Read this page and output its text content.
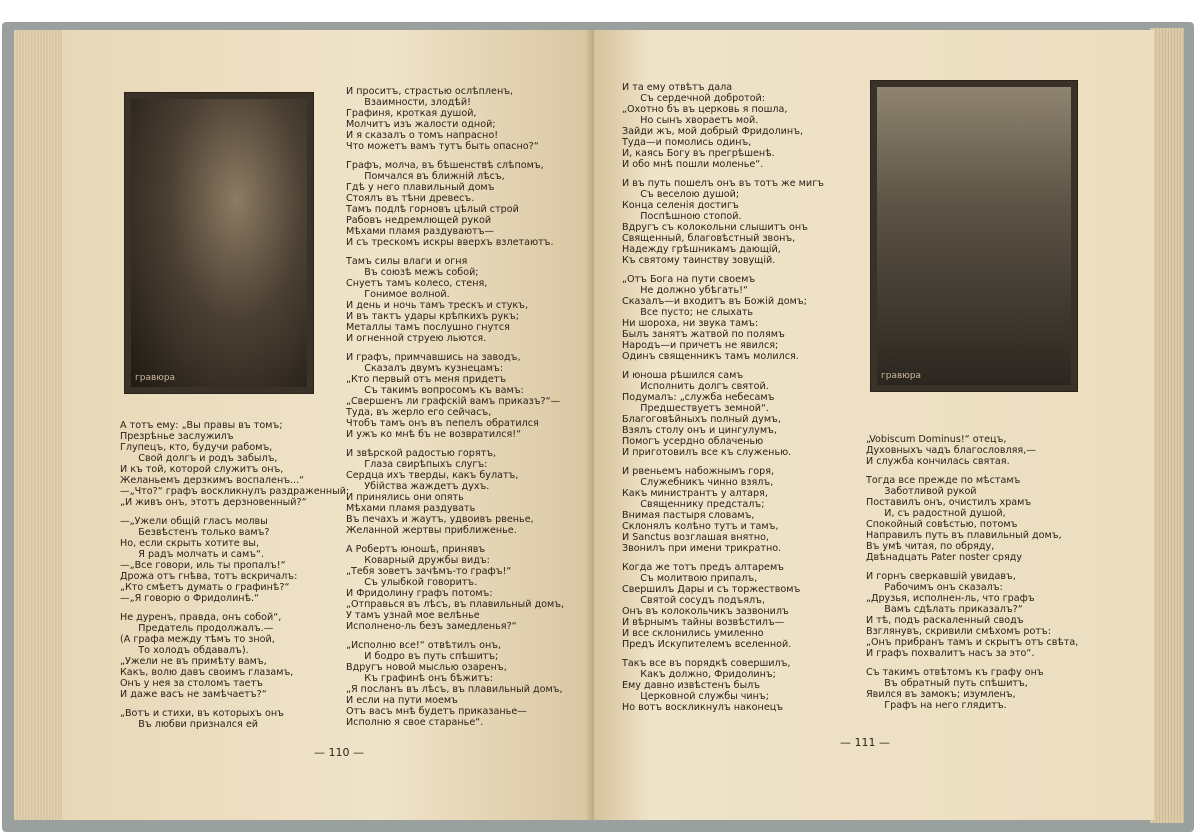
гравюра
А тотъ ему: „Вы правы въ томъ;
Презрѣнье заслужилъ
Глупецъ, кто, будучи рабомъ,
Свой долгъ и родъ забылъ,
И къ той, которой служитъ онъ,
Желаньемъ дерзкимъ воспаленъ...“
—„Что?“ графъ воскликнулъ раздраженный:
„И живъ онъ, этотъ дерзновенный?“
—„Ужели общій гласъ молвы
Безвѣстенъ только вамъ?
Но, если скрыть хотите вы,
Я радъ молчать и самъ“.
—„Все говори, иль ты пропалъ!“
Дрожа отъ гнѣва, тотъ вскричалъ:
„Кто смѣетъ думать о графинѣ?“
—„Я говорю о Фридолинѣ.“
Не дуренъ, правда, онъ собой“,
Предатель продолжалъ.—
(А графа между тѣмъ то зной,
То холодъ обдавалъ).
„Ужели не въ примѣту вамъ,
Какъ, волю давъ своимъ глазамъ,
Онъ у нея за столомъ таетъ
И даже васъ не замѣчаетъ?“
„Вотъ и стихи, въ которыхъ онъ
Въ любви признался ей
И проситъ, страстью ослѣпленъ,
Взаимности, злодѣй!
Графиня, кроткая душой,
Молчитъ изъ жалости одной;
И я сказалъ о томъ напрасно!
Что можетъ вамъ тутъ быть опасно?“
Графъ, молча, въ бѣшенствѣ слѣпомъ,
Помчался въ ближній лѣсъ,
Гдѣ у него плавильный домъ
Стоялъ въ тѣни древесъ.
Тамъ подлѣ горновъ цѣлый строй
Рабовъ недремлющей рукой
Мѣхами пламя раздуваютъ—
И съ трескомъ искры вверхъ взлетаютъ.
Тамъ силы влаги и огня
Въ союзѣ межъ собой;
Снуетъ тамъ колесо, стеня,
Гонимое волной.
И день и ночь тамъ трескъ и стукъ,
И въ тактъ удары крѣпкихъ рукъ;
Металлы тамъ послушно гнутся
И огненной струею льются.
И графъ, примчавшись на заводъ,
Сказалъ двумъ кузнецамъ:
„Кто первый отъ меня придетъ
Съ такимъ вопросомъ къ вамъ:
„Свершенъ ли графскій вамъ приказъ?“—
Туда, въ жерло его сейчасъ,
Чтобъ тамъ онъ въ пепелъ обратился
И ужъ ко мнѣ бъ не возвратился!“
И звѣрской радостью горятъ,
Глаза свирѣпыхъ слугъ:
Сердца ихъ тверды, какъ булатъ,
Убійства жаждетъ духъ.
И принялись они опять
Мѣхами пламя раздувать
Въ печахъ и жаутъ, удвоивъ рвенье,
Желанной жертвы приближенье.
А Робертъ юношѣ, принявъ
Коварный дружбы видъ:
„Тебя зоветъ зачѣмъ-то графъ!“
Съ улыбкой говоритъ.
И Фридолину графъ потомъ:
„Отправься въ лѣсъ, въ плавильный домъ,
У тамъ узнай мое велѣнье
Исполнено-ль безъ замедленья?“
„Исполню все!“ отвѣтилъ онъ,
И бодро въ путь спѣшитъ;
Вдругъ новой мыслью озаренъ,
Къ графинѣ онъ бѣжитъ:
„Я посланъ въ лѣсъ, въ плавильный домъ,
И если на пути моемъ
Отъ васъ мнѣ будетъ приказанье—
Исполню я свое старанье“.
— 110 —
И та ему отвѣтъ дала
Съ сердечной добротой:
„Охотно бъ въ церковь я пошла,
Но сынъ хвораетъ мой.
Зайди жъ, мой добрый Фридолинъ,
Туда—и помолись одинъ,
И, каясь Богу въ прегрѣшенѣ.
И обо мнѣ пошли моленье“.
И въ путь пошелъ онъ въ тотъ же мигъ
Съ веселою душой;
Конца селенія достигъ
Поспѣшною стопой.
Вдругъ съ колокольни слышитъ онъ
Священный, благовѣстный звонъ,
Надежду грѣшникамъ дающій,
Къ святому таинству зовущій.
„Отъ Бога на пути своемъ
Не должно убѣгать!“
Сказалъ—и входитъ въ Божій домъ;
Все пусто; не слыхать
Ни шороха, ни звука тамъ:
Былъ занятъ жатвой по полямъ
Народъ—и причетъ не явился;
Одинъ священникъ тамъ молился.
И юноша рѣшился самъ
Исполнить долгъ святой.
Подумалъ: „служба небесамъ
Предшествуетъ земной“.
Благоговѣйныхъ полный думъ,
Взялъ столу онъ и цингулумъ,
Помогъ усердно облаченью
И приготовилъ все къ служенью.
И рвеньемъ набожнымъ горя,
Служебникъ чинно взялъ,
Какъ министрантъ у алтаря,
Священнику предсталъ;
Внимая пастыря словамъ,
Склонялъ колѣно тутъ и тамъ,
И Sanctus возглашая внятно,
Звонилъ при имени трикратно.
Когда же тотъ предъ алтаремъ
Съ молитвою припалъ,
Свершилъ Дары и съ торжествомъ
Святой сосудъ подъялъ,
Онъ въ колокольчикъ зазвонилъ
И вѣрнымъ тайны возвѣстилъ—
И все склонились умиленно
Предъ Искупителемъ вселенной.
Такъ все въ порядкѣ совершилъ,
Какъ должно, Фридолинъ;
Ему давно извѣстенъ былъ
Церковной службы чинъ;
Но вотъ воскликнулъ наконецъ
гравюра
„Vobiscum Dominus!“ отецъ,
Духовныхъ чадъ благословляя,—
И служба кончилась святая.
Тогда все прежде по мѣстамъ
Заботливой рукой
Поставилъ онъ, очистилъ храмъ
И, съ радостной душой,
Спокойный совѣстью, потомъ
Направилъ путь въ плавильный домъ,
Въ умѣ читая, по обряду,
Двѣнадцать Pater noster сряду
И горнъ сверкавшій увидавъ,
Рабочимъ онъ сказалъ:
„Друзья, исполнен-ль, что графъ
Вамъ сдѣлать приказалъ?“
И тѣ, подъ раскаленный сводъ
Взглянувъ, скривили смѣхомъ ротъ:
„Онъ прибранъ тамъ и скрытъ отъ свѣта,
И графъ похвалитъ насъ за это“.
Съ такимъ отвѣтомъ къ графу онъ
Въ обратный путь спѣшитъ,
Явился въ замокъ; изумленъ,
Графъ на него глядитъ.
— 111 —
